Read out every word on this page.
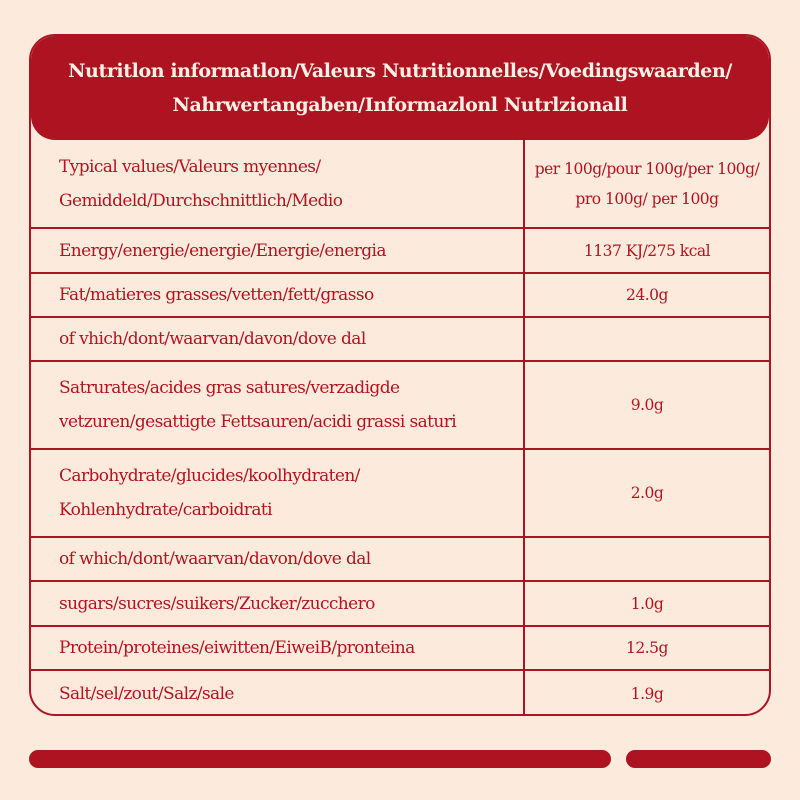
Nutritlon informatlon/Valeurs Nutritionnelles/Voedingswaarden/
Nahrwertangaben/Informazlonl Nutrlzionall
Typical values/Valeurs myennes/
Gemiddeld/Durchschnittlich/Medio	per 100g/pour 100g/per 100g/
pro 100g/ per 100g

Energy/energie/energie/Energie/energia	1137 KJ/275 kcal

Fat/matieres grasses/vetten/fett/grasso	24.0g

of vhich/dont/waarvan/davon/dove dal	

Satrurates/acides gras satures/verzadigde
vetzuren/gesattigte Fettsauren/acidi grassi saturi	9.0g

Carbohydrate/glucides/koolhydraten/
Kohlenhydrate/carboidrati	2.0g

of which/dont/waarvan/davon/dove dal	

sugars/sucres/suikers/Zucker/zucchero	1.0g

Protein/proteines/eiwitten/EiweiB/pronteina	12.5g

Salt/sel/zout/Salz/sale	1.9g
